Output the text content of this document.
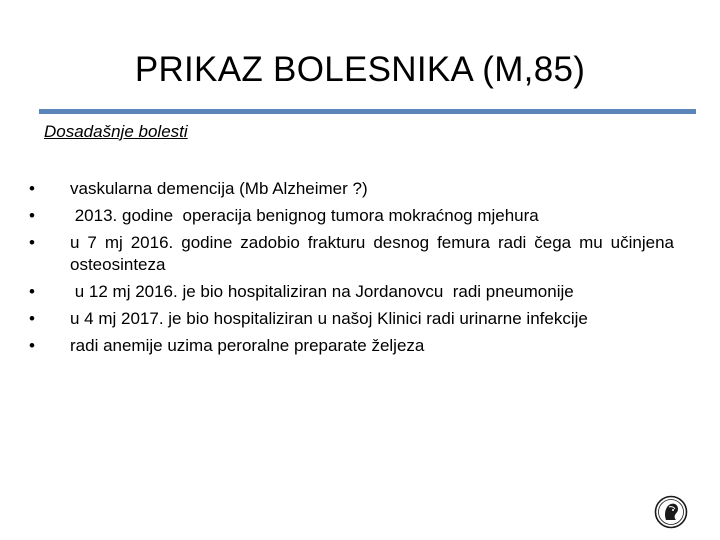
PRIKAZ BOLESNIKA (M,85)
Dosadašnje bolesti
• vaskularna demencija (Mb Alzheimer ?)
• 2013. godine  operacija benignog tumora mokraćnog mjehura
• u 7 mj 2016. godine zadobio frakturu desnog femura radi čega mu učinjena osteosinteza
• u 12 mj 2016. je bio hospitaliziran na Jordanovcu  radi pneumonije
• u 4 mj 2017. je bio hospitaliziran u našoj Klinici radi urinarne infekcije
• radi anemije uzima peroralne preparate željeza
